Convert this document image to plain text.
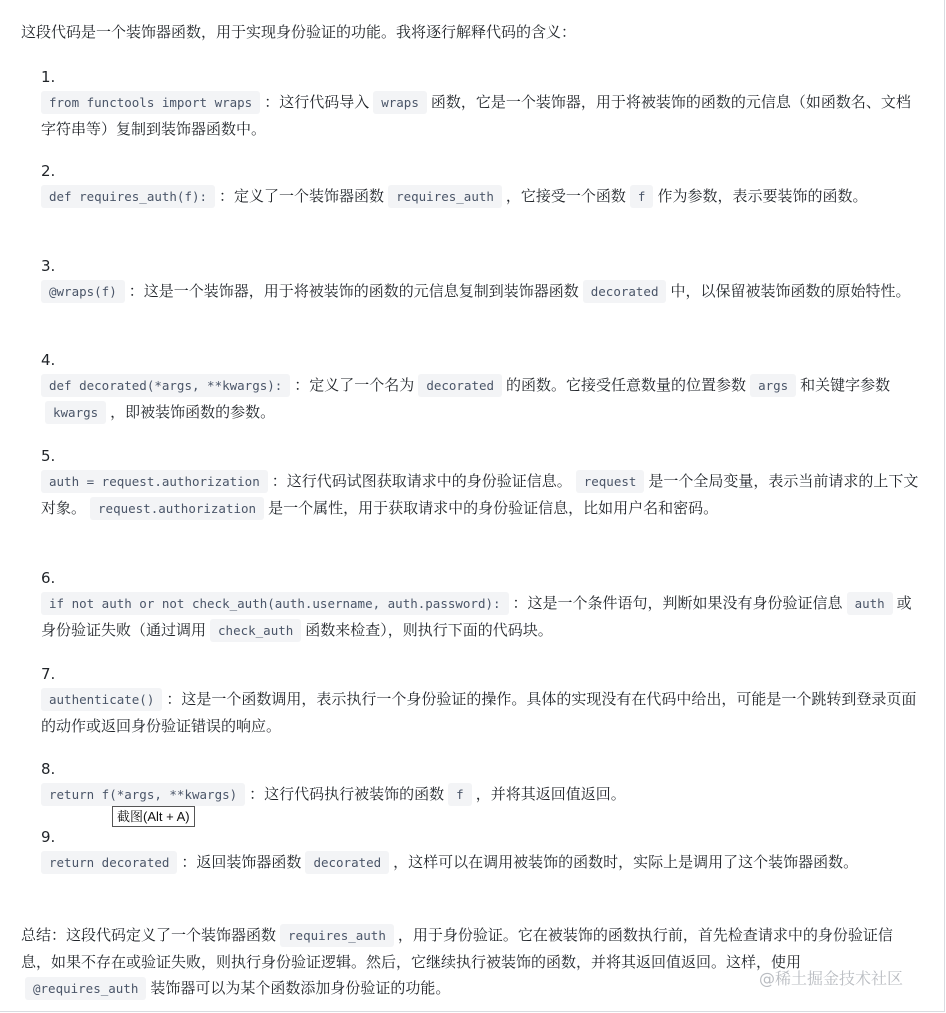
这段代码是一个装饰器函数，用于实现身份验证的功能。我将逐行解释代码的含义：
1.
from functools import wraps ：这行代码导入 wraps 函数，它是一个装饰器，用于将被装饰的函数的元信息（如函数名、文档字符串等）复制到装饰器函数中。
2.
def requires_auth(f): ：定义了一个装饰器函数 requires_auth ，它接受一个函数 f 作为参数，表示要装饰的函数。
3.
@wraps(f) ：这是一个装饰器，用于将被装饰的函数的元信息复制到装饰器函数 decorated 中，以保留被装饰函数的原始特性。
4.
def decorated(*args, **kwargs): ：定义了一个名为 decorated 的函数。它接受任意数量的位置参数 args 和关键字参数kwargs ，即被装饰函数的参数。
5.
auth = request.authorization ：这行代码试图获取请求中的身份验证信息。 request 是一个全局变量，表示当前请求的上下文对象。 request.authorization 是一个属性，用于获取请求中的身份验证信息，比如用户名和密码。
6.
if not auth or not check_auth(auth.username, auth.password): ：这是一个条件语句，判断如果没有身份验证信息 auth 或身份验证失败（通过调用 check_auth 函数来检查），则执行下面的代码块。
7.
authenticate() ：这是一个函数调用，表示执行一个身份验证的操作。具体的实现没有在代码中给出，可能是一个跳转到登录页面的动作或返回身份验证错误的响应。
8.
return f(*args, **kwargs) ：这行代码执行被装饰的函数 f ，并将其返回值返回。
9.
return decorated ：返回装饰器函数 decorated ，这样可以在调用被装饰的函数时，实际上是调用了这个装饰器函数。
总结：这段代码定义了一个装饰器函数 requires_auth ，用于身份验证。它在被装饰的函数执行前，首先检查请求中的身份验证信息，如果不存在或验证失败，则执行身份验证逻辑。然后，它继续执行被装饰的函数，并将其返回值返回。这样，使用@requires_auth 装饰器可以为某个函数添加身份验证的功能。
截图(Alt + A)
@稀土掘金技术社区
